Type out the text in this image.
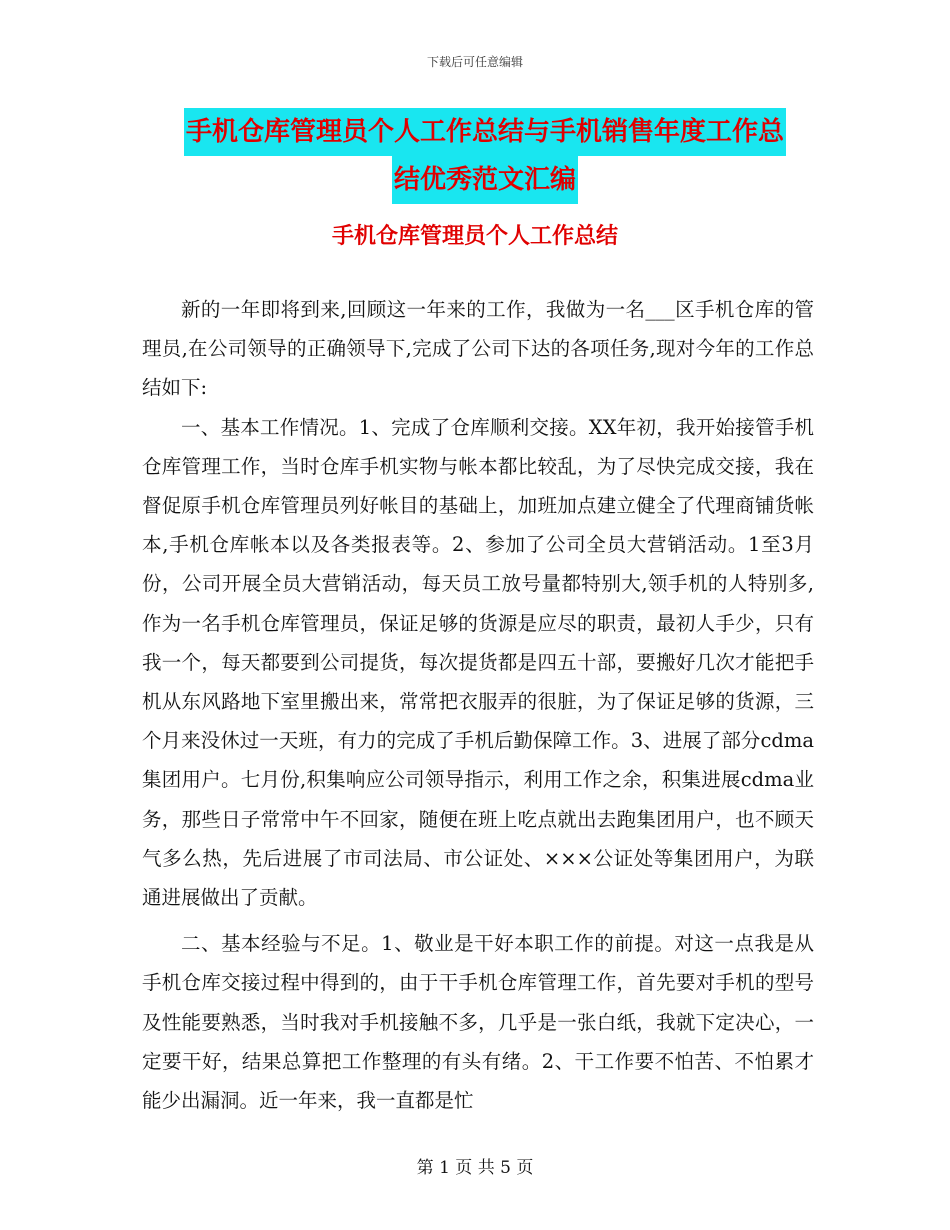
下载后可任意编辑
手机仓库管理员个人工作总结与手机销售年度工作总
结优秀范文汇编
手机仓库管理员个人工作总结

新的一年即将到来,回顾这一年来的工作，我做为一名___区手机仓库的管理员,在公司领导的正确领导下,完成了公司下达的各项任务,现对今年的工作总结如下:

一、基本工作情况。1、完成了仓库顺利交接。XX年初，我开始接管手机仓库管理工作，当时仓库手机实物与帐本都比较乱，为了尽快完成交接，我在督促原手机仓库管理员列好帐目的基础上，加班加点建立健全了代理商铺货帐本,手机仓库帐本以及各类报表等。2、参加了公司全员大营销活动。1至3月份，公司开展全员大营销活动，每天员工放号量都特别大,领手机的人特别多,作为一名手机仓库管理员，保证足够的货源是应尽的职责，最初人手少，只有我一个，每天都要到公司提货，每次提货都是四五十部，要搬好几次才能把手机从东风路地下室里搬出来，常常把衣服弄的很脏，为了保证足够的货源，三个月来没休过一天班，有力的完成了手机后勤保障工作。3、进展了部分cdma集团用户。七月份,积集响应公司领导指示，利用工作之余，积集进展cdma业务，那些日子常常中午不回家，随便在班上吃点就出去跑集团用户，也不顾天气多么热，先后进展了市司法局、市公证处、×××公证处等集团用户，为联通进展做出了贡献。

二、基本经验与不足。1、敬业是干好本职工作的前提。对这一点我是从手机仓库交接过程中得到的，由于干手机仓库管理工作，首先要对手机的型号及性能要熟悉，当时我对手机接触不多，几乎是一张白纸，我就下定决心，一定要干好，结果总算把工作整理的有头有绪。2、干工作要不怕苦、不怕累才能少出漏洞。近一年来，我一直都是忙

第 1 页 共 5 页
